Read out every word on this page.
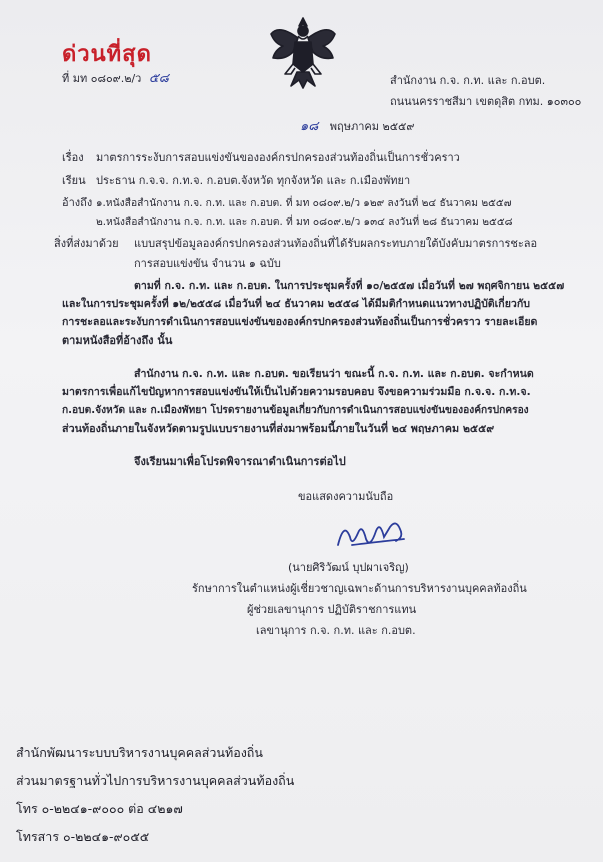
ด่วนที่สุด
ที่ มท ๐๘๐๙.๒/ว ๕๘	สำนักงาน ก.จ. ก.ท. และ ก.อบต.
ถนนนครราชสีมา เขตดุสิต กทม. ๑๐๓๐๐
๑๘ พฤษภาคม ๒๕๕๙
เรื่อง มาตรการระงับการสอบแข่งขันขององค์กรปกครองส่วนท้องถิ่นเป็นการชั่วคราว
เรียน ประธาน ก.จ.จ. ก.ท.จ. ก.อบต.จังหวัด ทุกจังหวัด และ ก.เมืองพัทยา
อ้างถึง ๑.หนังสือสำนักงาน ก.จ. ก.ท. และ ก.อบต. ที่ มท ๐๘๐๙.๒/ว ๑๒๙ ลงวันที่ ๒๔ ธันวาคม ๒๕๕๗
๒.หนังสือสำนักงาน ก.จ. ก.ท. และ ก.อบต. ที่ มท ๐๘๐๙.๒/ว ๑๓๔ ลงวันที่ ๒๘ ธันวาคม ๒๕๕๘
สิ่งที่ส่งมาด้วย แบบสรุปข้อมูลองค์กรปกครองส่วนท้องถิ่นที่ได้รับผลกระทบภายใต้บังคับมาตรการชะลอ
การสอบแข่งขัน จำนวน ๑ ฉบับ
ตามที่ ก.จ. ก.ท. และ ก.อบต. ในการประชุมครั้งที่ ๑๐/๒๕๕๗ เมื่อวันที่ ๒๗ พฤศจิกายน ๒๕๕๗
และในการประชุมครั้งที่ ๑๒/๒๕๕๘ เมื่อวันที่ ๒๔ ธันวาคม ๒๕๕๘ ได้มีมติกำหนดแนวทางปฏิบัติเกี่ยวกับ
การชะลอและระงับการดำเนินการสอบแข่งขันขององค์กรปกครองส่วนท้องถิ่นเป็นการชั่วคราว รายละเอียด
ตามหนังสือที่อ้างถึง นั้น
สำนักงาน ก.จ. ก.ท. และ ก.อบต. ขอเรียนว่า ขณะนี้ ก.จ. ก.ท. และ ก.อบต. จะกำหนด
มาตรการเพื่อแก้ไขปัญหาการสอบแข่งขันให้เป็นไปด้วยความรอบคอบ จึงขอความร่วมมือ ก.จ.จ. ก.ท.จ.
ก.อบต.จังหวัด และ ก.เมืองพัทยา โปรดรายงานข้อมูลเกี่ยวกับการดำเนินการสอบแข่งขันขององค์กรปกครอง
ส่วนท้องถิ่นภายในจังหวัดตามรูปแบบรายงานที่ส่งมาพร้อมนี้ภายในวันที่ ๒๔ พฤษภาคม ๒๕๕๙
จึงเรียนมาเพื่อโปรดพิจารณาดำเนินการต่อไป
ขอแสดงความนับถือ
(นายศิริวัฒน์ บุปผาเจริญ)
รักษาการในตำแหน่งผู้เชี่ยวชาญเฉพาะด้านการบริหารงานบุคคลท้องถิ่น
ผู้ช่วยเลขานุการ ปฏิบัติราชการแทน
เลขานุการ ก.จ. ก.ท. และ ก.อบต.
สำนักพัฒนาระบบบริหารงานบุคคลส่วนท้องถิ่น
ส่วนมาตรฐานทั่วไปการบริหารงานบุคคลส่วนท้องถิ่น
โทร ๐-๒๒๔๑-๙๐๐๐ ต่อ ๔๒๑๗
โทรสาร ๐-๒๒๔๑-๙๐๕๕
